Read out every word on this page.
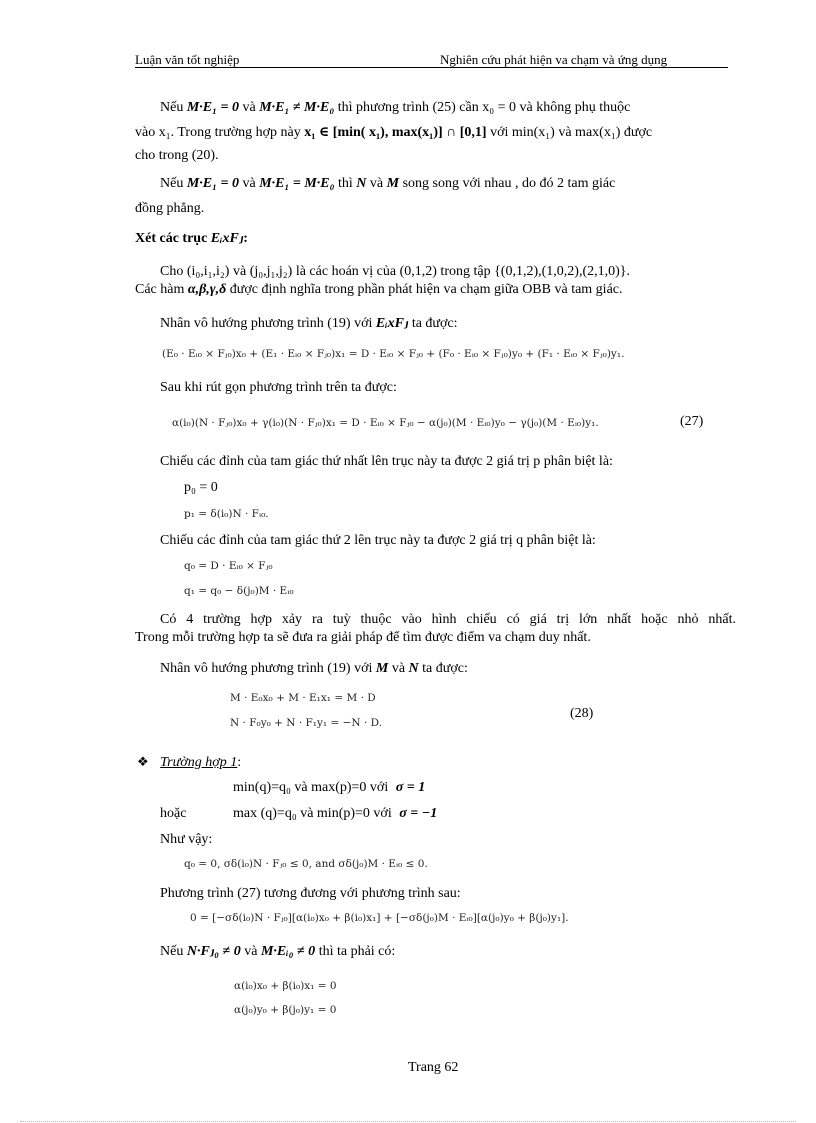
Luận văn tốt nghiệp	Nghiên cứu phát hiện va chạm và ứng dụng
Nếu M·E₁ = 0 và M·E₁ ≠ M·E₀ thì phương trình (25) cần x₀ = 0 và không phụ thuộc
vào x₁. Trong trường hợp này x₁ ∈ [min( x₁), max(x₁)] ∩ [0,1] với min(x₁) và max(x₁) được
cho trong (20).
Nếu M·E₁ = 0 và M·E₁ = M·E₀ thì N và M song song với nhau , do đó 2 tam giác
đồng phẳng.
Xét các trục EᵢxFⱼ:
Cho (i₀,i₁,i₂) và (j₀,j₁,j₂) là các hoán vị của (0,1,2) trong tập {(0,1,2),(1,0,2),(2,1,0)}.
Các hàm α,β,γ,δ được định nghĩa trong phần phát hiện va chạm giữa OBB và tam giác.
Nhân vô hướng phương trình (19) với EᵢxFⱼ ta được:
(E₀ · Eᵢ₀ × Fⱼ₀)x₀ + (E₁ · Eᵢ₀ × Fⱼ₀)x₁ = D · Eᵢ₀ × Fⱼ₀ + (F₀ · Eᵢ₀ × Fⱼ₀)y₀ + (F₁ · Eᵢ₀ × Fⱼ₀)y₁.
Sau khi rút gọn phương trình trên ta được:
α(i₀)(N · Fⱼ₀)x₀ + γ(i₀)(N · Fⱼ₀)x₁ = D · Eᵢ₀ × Fⱼ₀ − α(j₀)(M · Eᵢ₀)y₀ − γ(j₀)(M · Eᵢ₀)y₁.	(27)
Chiếu các đỉnh của tam giác thứ nhất lên trục này ta được 2 giá trị p phân biệt là:
p₀ = 0
p₁ = δ(i₀)N · Fᵢ₀.
Chiếu các đỉnh của tam giác thứ 2 lên trục này ta được 2 giá trị q phân biệt là:
q₀ = D · Eᵢ₀ × Fⱼ₀
q₁ = q₀ − δ(j₀)M · Eᵢ₀
Có 4 trường hợp xảy ra tuỳ thuộc vào hình chiếu có giá trị lớn nhất hoặc nhỏ nhất.
Trong mỗi trường hợp ta sẽ đưa ra giải pháp để tìm được điểm va chạm duy nhất.
Nhân vô hướng phương trình (19) với M và N ta được:
M · E₀x₀ + M · E₁x₁ = M · D
N · F₀y₀ + N · F₁y₁ = −N · D.
(28)
❖ Trường hợp 1:
min(q)=q₀ và max(p)=0 với σ = 1
hoặc	max (q)=q₀ và min(p)=0 với σ = −1
Như vậy:
q₀ = 0, σδ(i₀)N · Fⱼ₀ ≤ 0, and σδ(j₀)M · Eᵢ₀ ≤ 0.
Phương trình (27) tương đương với phương trình sau:
0 = [−σδ(i₀)N · Fⱼ₀][α(i₀)x₀ + β(i₀)x₁] + [−σδ(j₀)M · Eᵢ₀][α(j₀)y₀ + β(j₀)y₁].
Nếu N·Fⱼ₀ ≠ 0 và M·Eᵢ₀ ≠ 0 thì ta phải có:
α(i₀)x₀ + β(i₀)x₁ = 0
α(j₀)y₀ + β(j₀)y₁ = 0
Trang 62
